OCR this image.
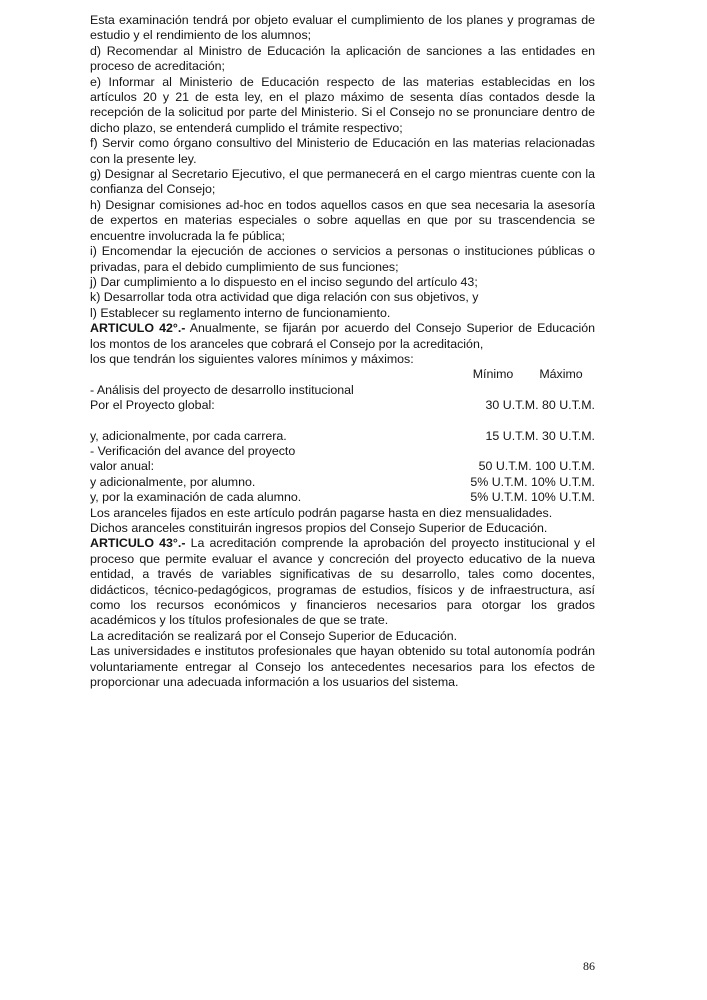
Esta examinación tendrá por objeto evaluar el cumplimiento de los planes y programas de estudio y el rendimiento de los alumnos;

d) Recomendar al Ministro de Educación la aplicación de sanciones a las entidades en proceso de acreditación;

e) Informar al Ministerio de Educación respecto de las materias establecidas en los artículos 20 y 21 de esta ley, en el plazo máximo de sesenta días contados desde la recepción de la solicitud por parte del Ministerio. Si el Consejo no se pronunciare dentro de dicho plazo, se entenderá cumplido el trámite respectivo;

f) Servir como órgano consultivo del Ministerio de Educación en las materias relacionadas con la presente ley.

g) Designar al Secretario Ejecutivo, el que permanecerá en el cargo mientras cuente con la confianza del Consejo;

h) Designar comisiones ad-hoc en todos aquellos casos en que sea necesaria la asesoría de expertos en materias especiales o sobre aquellas en que por su trascendencia se encuentre involucrada la fe pública;

i) Encomendar la ejecución de acciones o servicios a personas o instituciones públicas o privadas, para el debido cumplimiento de sus funciones;

j) Dar cumplimiento a lo dispuesto en el inciso segundo del artículo 43;

k) Desarrollar toda otra actividad que diga relación con sus objetivos, y

l) Establecer su reglamento interno de funcionamiento.

ARTICULO 42°.- Anualmente, se fijarán por acuerdo del Consejo Superior de Educación los montos de los aranceles que cobrará el Consejo por la acreditación,

los que tendrán los siguientes valores mínimos y máximos:

Mínimo	Máximo

- Análisis del proyecto de desarrollo institucional

Por el Proyecto global:	30 U.T.M. 80 U.T.M.
y, adicionalmente, por cada carrera.	15 U.T.M. 30 U.T.M.

- Verificación del avance del proyecto

valor anual:	50 U.T.M. 100 U.T.M.
y adicionalmente, por alumno.	5% U.T.M. 10% U.T.M.
y, por la examinación de cada alumno.	5% U.T.M. 10% U.T.M.

Los aranceles fijados en este artículo podrán pagarse hasta en diez mensualidades.

Dichos aranceles constituirán ingresos propios del Consejo Superior de Educación.

ARTICULO 43°.- La acreditación comprende la aprobación del proyecto institucional y el proceso que permite evaluar el avance y concreción del proyecto educativo de la nueva entidad, a través de variables significativas de su desarrollo, tales como docentes, didácticos, técnico-pedagógicos, programas de estudios, físicos y de infraestructura, así como los recursos económicos y financieros necesarios para otorgar los grados académicos y los títulos profesionales de que se trate.

La acreditación se realizará por el Consejo Superior de Educación.

Las universidades e institutos profesionales que hayan obtenido su total autonomía podrán voluntariamente entregar al Consejo los antecedentes necesarios para los efectos de proporcionar una adecuada información a los usuarios del sistema.

86
